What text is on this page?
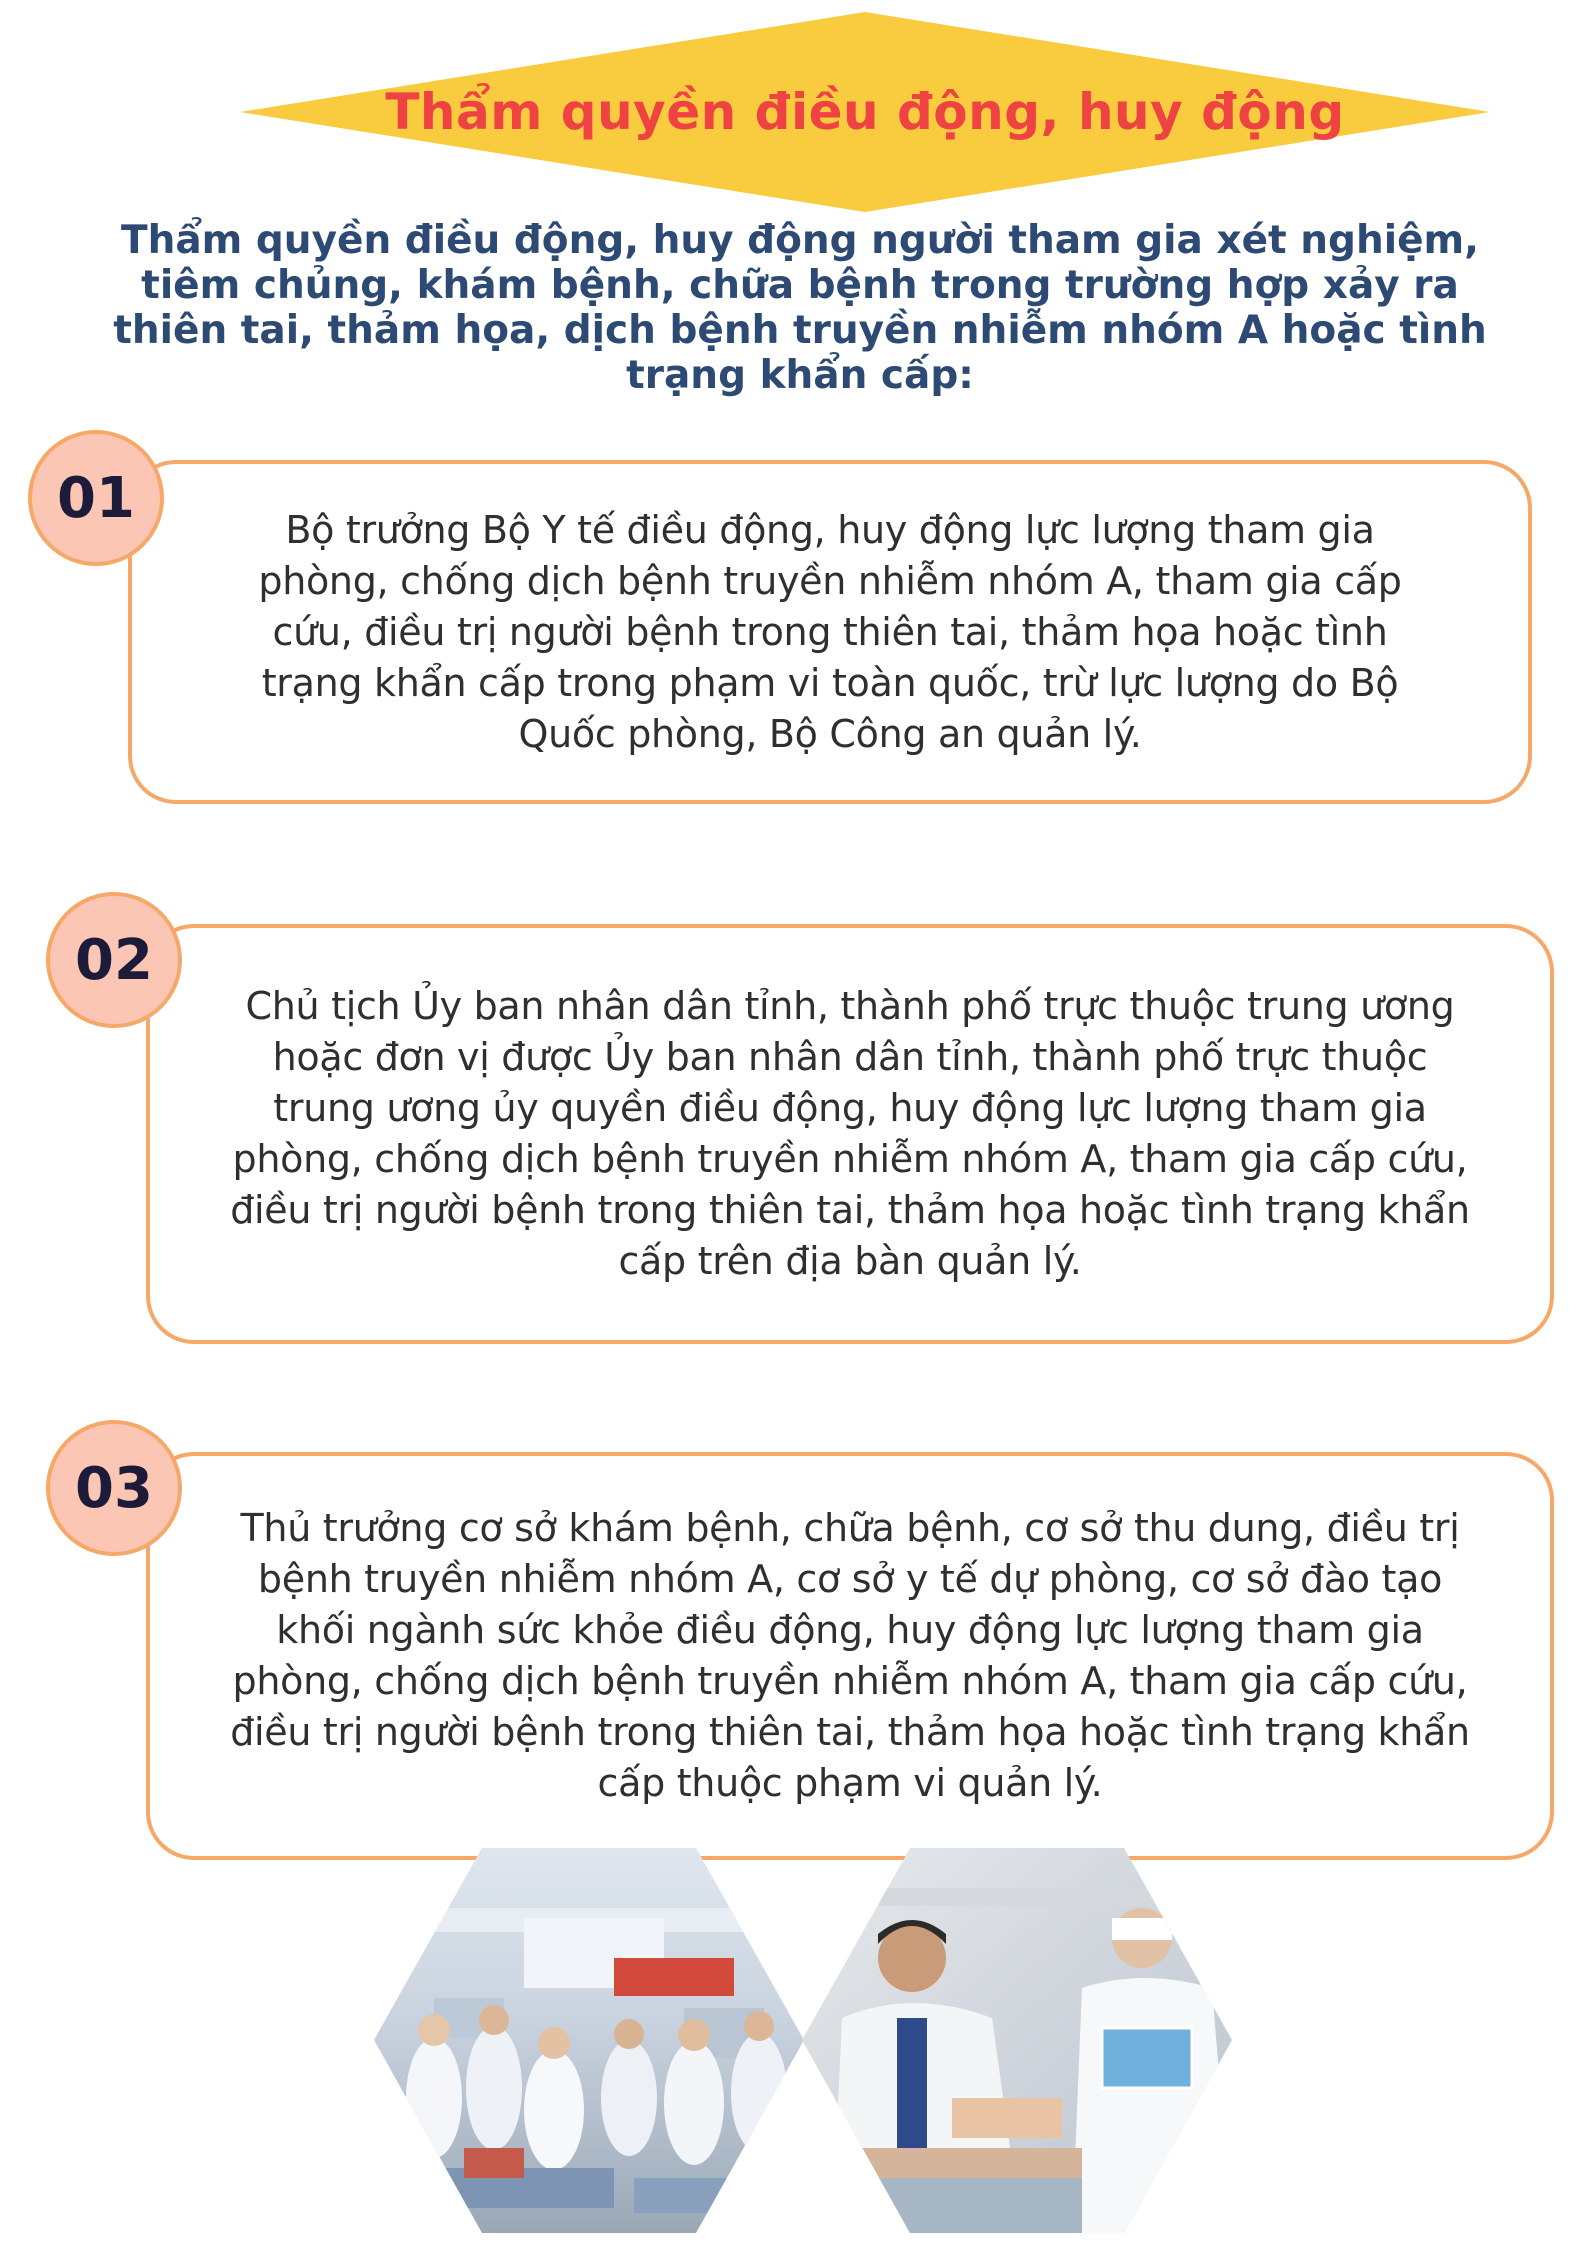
Thẩm quyền điều động, huy động
Thẩm quyền điều động, huy động người tham gia xét nghiệm, tiêm chủng, khám bệnh, chữa bệnh trong trường hợp xảy ra thiên tai, thảm họa, dịch bệnh truyền nhiễm nhóm A hoặc tình trạng khẩn cấp:
Bộ trưởng Bộ Y tế điều động, huy động lực lượng tham gia phòng, chống dịch bệnh truyền nhiễm nhóm A, tham gia cấp cứu, điều trị người bệnh trong thiên tai, thảm họa hoặc tình trạng khẩn cấp trong phạm vi toàn quốc, trừ lực lượng do Bộ Quốc phòng, Bộ Công an quản lý.
01
Chủ tịch Ủy ban nhân dân tỉnh, thành phố trực thuộc trung ương hoặc đơn vị được Ủy ban nhân dân tỉnh, thành phố trực thuộc trung ương ủy quyền điều động, huy động lực lượng tham gia phòng, chống dịch bệnh truyền nhiễm nhóm A, tham gia cấp cứu, điều trị người bệnh trong thiên tai, thảm họa hoặc tình trạng khẩn cấp trên địa bàn quản lý.
02
Thủ trưởng cơ sở khám bệnh, chữa bệnh, cơ sở thu dung, điều trị bệnh truyền nhiễm nhóm A, cơ sở y tế dự phòng, cơ sở đào tạo khối ngành sức khỏe điều động, huy động lực lượng tham gia phòng, chống dịch bệnh truyền nhiễm nhóm A, tham gia cấp cứu, điều trị người bệnh trong thiên tai, thảm họa hoặc tình trạng khẩn cấp thuộc phạm vi quản lý.
03
